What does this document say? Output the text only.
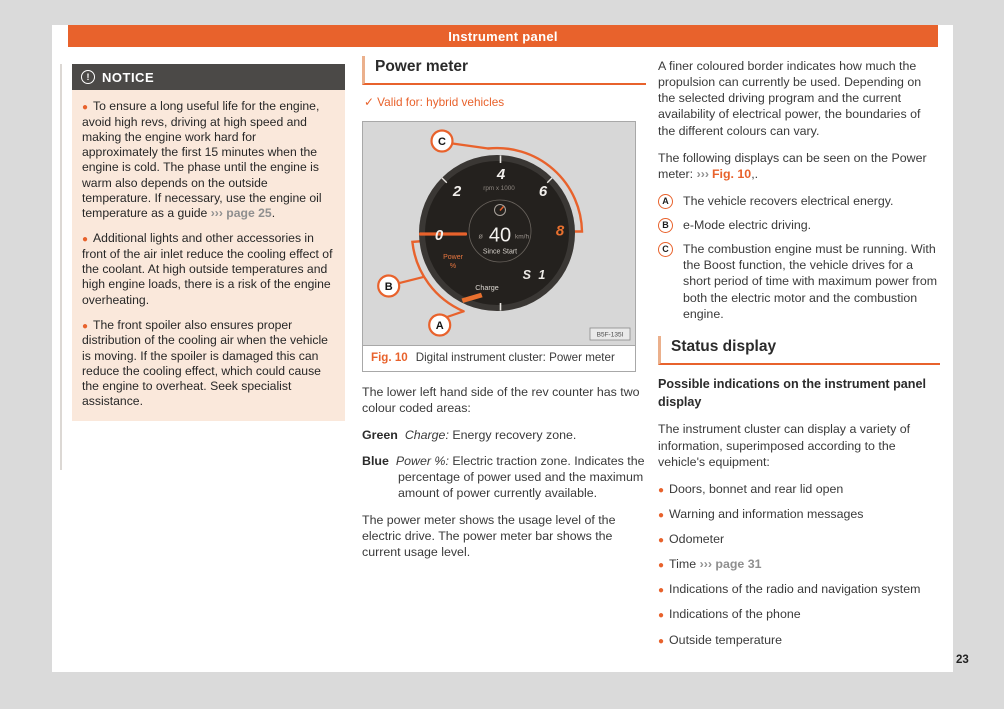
Instrument panel
! NOTICE

● To ensure a long useful life for the engine, avoid high revs, driving at high speed and making the engine work hard for approximately the first 15 minutes when the engine is cold. The phase until the engine is warm also depends on the outside temperature. If necessary, use the engine oil temperature as a guide ››› page 25.

● Additional lights and other accessories in front of the air inlet reduce the cooling effect of the coolant. At high outside temperatures and high engine loads, there is a risk of the engine overheating.

● The front spoiler also ensures proper distribution of the cooling air when the vehicle is moving. If the spoiler is damaged this can reduce the cooling effect, which could cause the engine to overheat. Seek specialist assistance.

Power meter
✓ Valid for: hybrid vehicles
0
2
4
6
8
rpm x 1000
ø 40 km/h
Since Start
Power
%
S 1
Charge
C
B
A
B5F-135I
Fig. 10 Digital instrument cluster: Power meter

The lower left hand side of the rev counter has two colour coded areas:

Green Charge: Energy recovery zone.

Blue Power %: Electric traction zone. Indicates the percentage of power used and the maximum amount of power currently available.

The power meter shows the usage level of the electric drive. The power meter bar shows the current usage level.

A finer coloured border indicates how much the propulsion can currently be used. Depending on the selected driving program and the current availability of electrical power, the boundaries of the different colours can vary.

The following displays can be seen on the Power meter: ››› Fig. 10,.

A	The vehicle recovers electrical energy.
B	e-Mode electric driving.
C	The combustion engine must be running. With the Boost function, the vehicle drives for a short period of time with maximum power from both the electric motor and the combustion engine.
Status display

Possible indications on the instrument panel display

The instrument cluster can display a variety of information, superimposed according to the vehicle's equipment:

● Doors, bonnet and rear lid open

● Warning and information messages

● Odometer

● Time ››› page 31

● Indications of the radio and navigation system

● Indications of the phone

● Outside temperature

23
